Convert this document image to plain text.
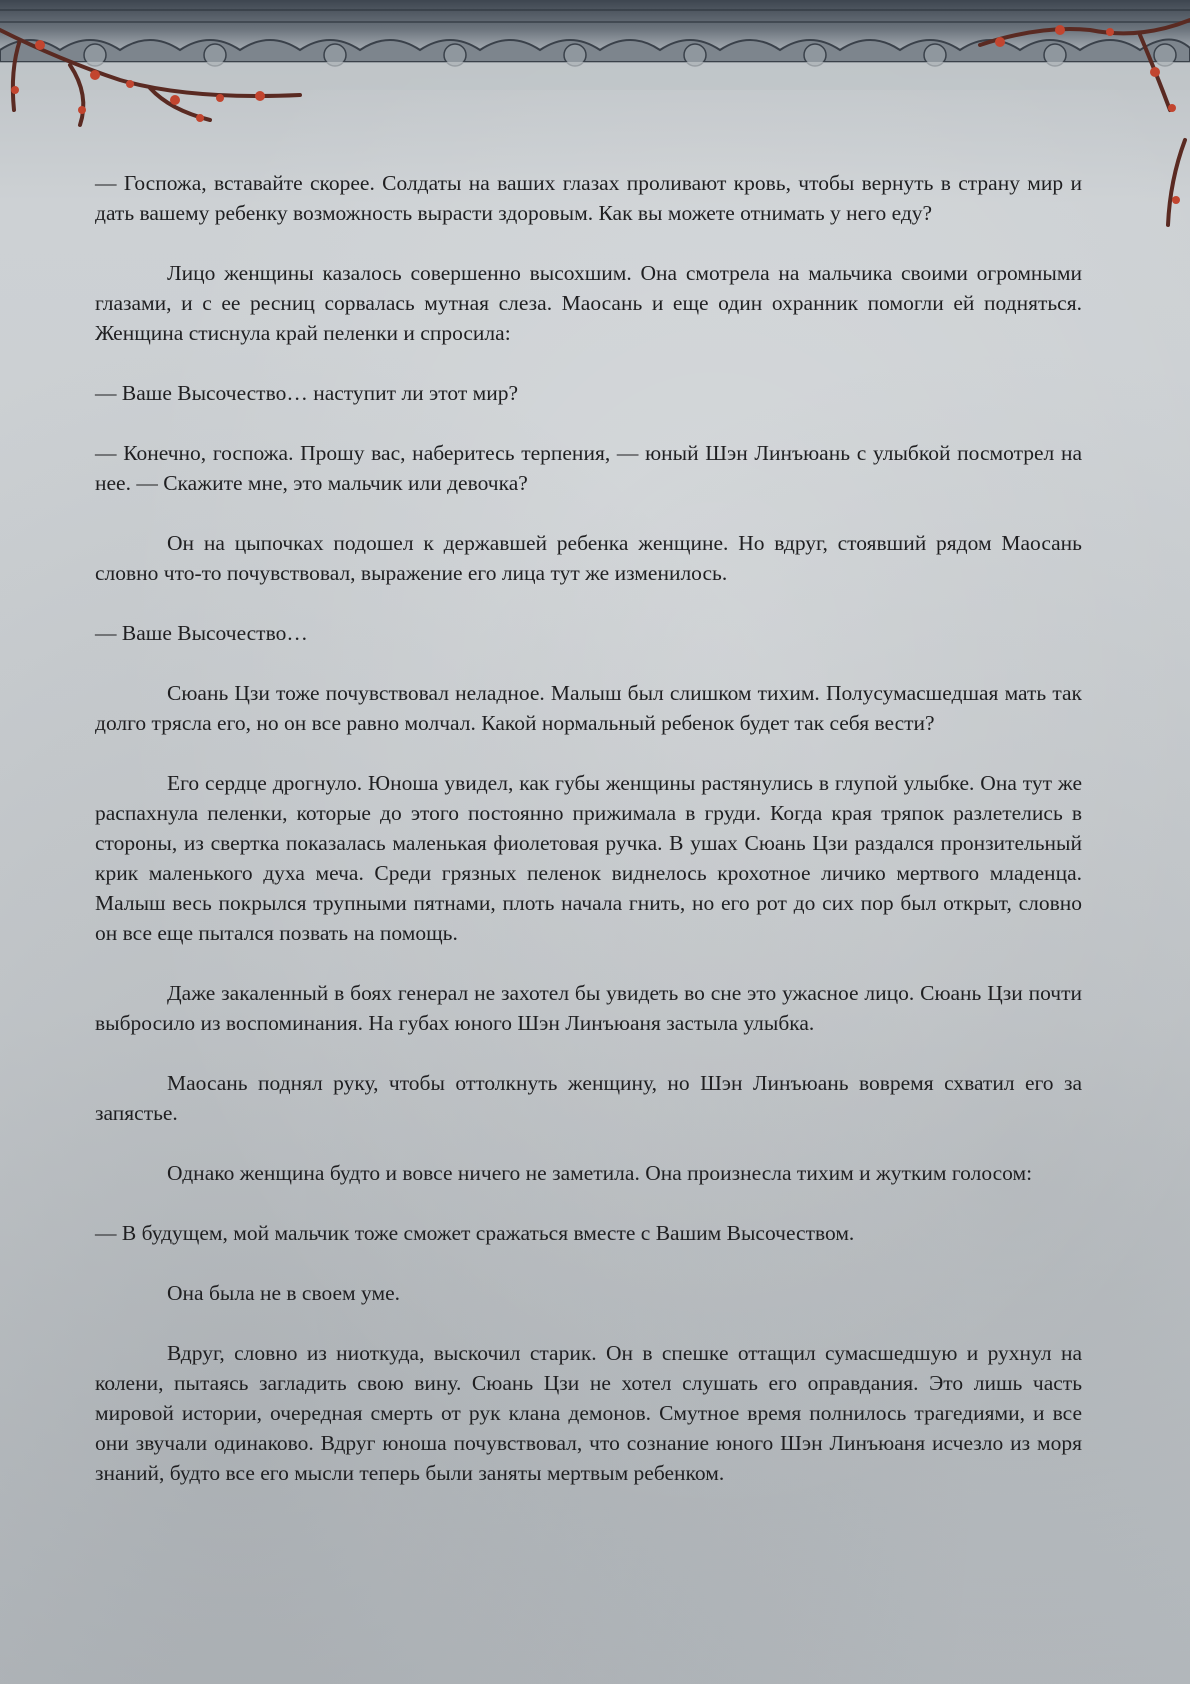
— Госпожа, вставайте скорее. Солдаты на ваших глазах проливают кровь, чтобы вернуть в страну мир и дать вашему ребенку возможность вырасти здоровым. Как вы можете отнимать у него еду?

Лицо женщины казалось совершенно высохшим. Она смотрела на мальчика своими огромными глазами, и с ее ресниц сорвалась мутная слеза. Маосань и еще один охранник помогли ей подняться. Женщина стиснула край пеленки и спросила:

— Ваше Высочество… наступит ли этот мир?

— Конечно, госпожа. Прошу вас, наберитесь терпения, — юный Шэн Линъюань с улыбкой посмотрел на нее. — Скажите мне, это мальчик или девочка?

Он на цыпочках подошел к державшей ребенка женщине. Но вдруг, стоявший рядом Маосань словно что-то почувствовал, выражение его лица тут же изменилось.

— Ваше Высочество…

Сюань Цзи тоже почувствовал неладное. Малыш был слишком тихим. Полусумасшедшая мать так долго трясла его, но он все равно молчал. Какой нормальный ребенок будет так себя вести?

Его сердце дрогнуло. Юноша увидел, как губы женщины растянулись в глупой улыбке. Она тут же распахнула пеленки, которые до этого постоянно прижимала в груди. Когда края тряпок разлетелись в стороны, из свертка показалась маленькая фиолетовая ручка. В ушах Сюань Цзи раздался пронзительный крик маленького духа меча. Среди грязных пеленок виднелось крохотное личико мертвого младенца. Малыш весь покрылся трупными пятнами, плоть начала гнить, но его рот до сих пор был открыт, словно он все еще пытался позвать на помощь.

Даже закаленный в боях генерал не захотел бы увидеть во сне это ужасное лицо. Сюань Цзи почти выбросило из воспоминания. На губах юного Шэн Линъюаня застыла улыбка.

Маосань поднял руку, чтобы оттолкнуть женщину, но Шэн Линъюань вовремя схватил его за запястье.

Однако женщина будто и вовсе ничего не заметила. Она произнесла тихим и жутким голосом:

— В будущем, мой мальчик тоже сможет сражаться вместе с Вашим Высочеством.

Она была не в своем уме.

Вдруг, словно из ниоткуда, выскочил старик. Он в спешке оттащил сумасшедшую и рухнул на колени, пытаясь загладить свою вину. Сюань Цзи не хотел слушать его оправдания. Это лишь часть мировой истории, очередная смерть от рук клана демонов. Смутное время полнилось трагедиями, и все они звучали одинаково. Вдруг юноша почувствовал, что сознание юного Шэн Линъюаня исчезло из моря знаний, будто все его мысли теперь были заняты мертвым ребенком.
